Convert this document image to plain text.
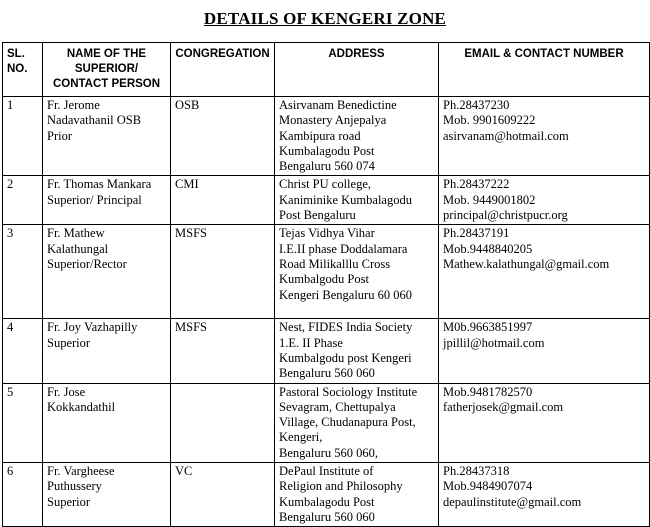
DETAILS OF KENGERI ZONE
SL.
NO.	NAME OF THE
SUPERIOR/
CONTACT PERSON	CONGREGATION	ADDRESS	EMAIL & CONTACT NUMBER

1	Fr. Jerome
Nadavathanil OSB
Prior	OSB	Asirvanam Benedictine
Monastery Anjepalya
Kambipura road
Kumbalagodu Post
Bengaluru 560 074	Ph.28437230
Mob. 9901609222
asirvanam@hotmail.com

2	Fr. Thomas Mankara
Superior/ Principal	CMI	Christ PU college,
Kaniminike Kumbalagodu
Post Bengaluru	Ph.28437222
Mob. 9449001802
principal@christpucr.org

3	Fr. Mathew
Kalathungal
Superior/Rector	MSFS	Tejas Vidhya Vihar
I.E.II phase Doddalamara
Road Milikalllu Cross
Kumbalgodu Post
Kengeri Bengaluru 60 060	Ph.28437191
Mob.9448840205
Mathew.kalathungal@gmail.com

4	Fr. Joy Vazhapilly
Superior	MSFS	Nest, FIDES India Society
1.E. II Phase
Kumbalgodu post Kengeri
Bengaluru 560 060	M0b.9663851997
jpillil@hotmail.com

5	Fr. Jose
Kokkandathil		Pastoral Sociology Institute
Sevagram, Chettupalya
Village, Chudanapura Post,
Kengeri,
Bengaluru 560 060,	Mob.9481782570
fatherjosek@gmail.com

6	Fr. Vargheese
Puthussery
Superior	VC	DePaul Institute of
Religion and Philosophy
Kumbalagodu Post
Bengaluru 560 060	Ph.28437318
Mob.9484907074
depaulinstitute@gmail.com
